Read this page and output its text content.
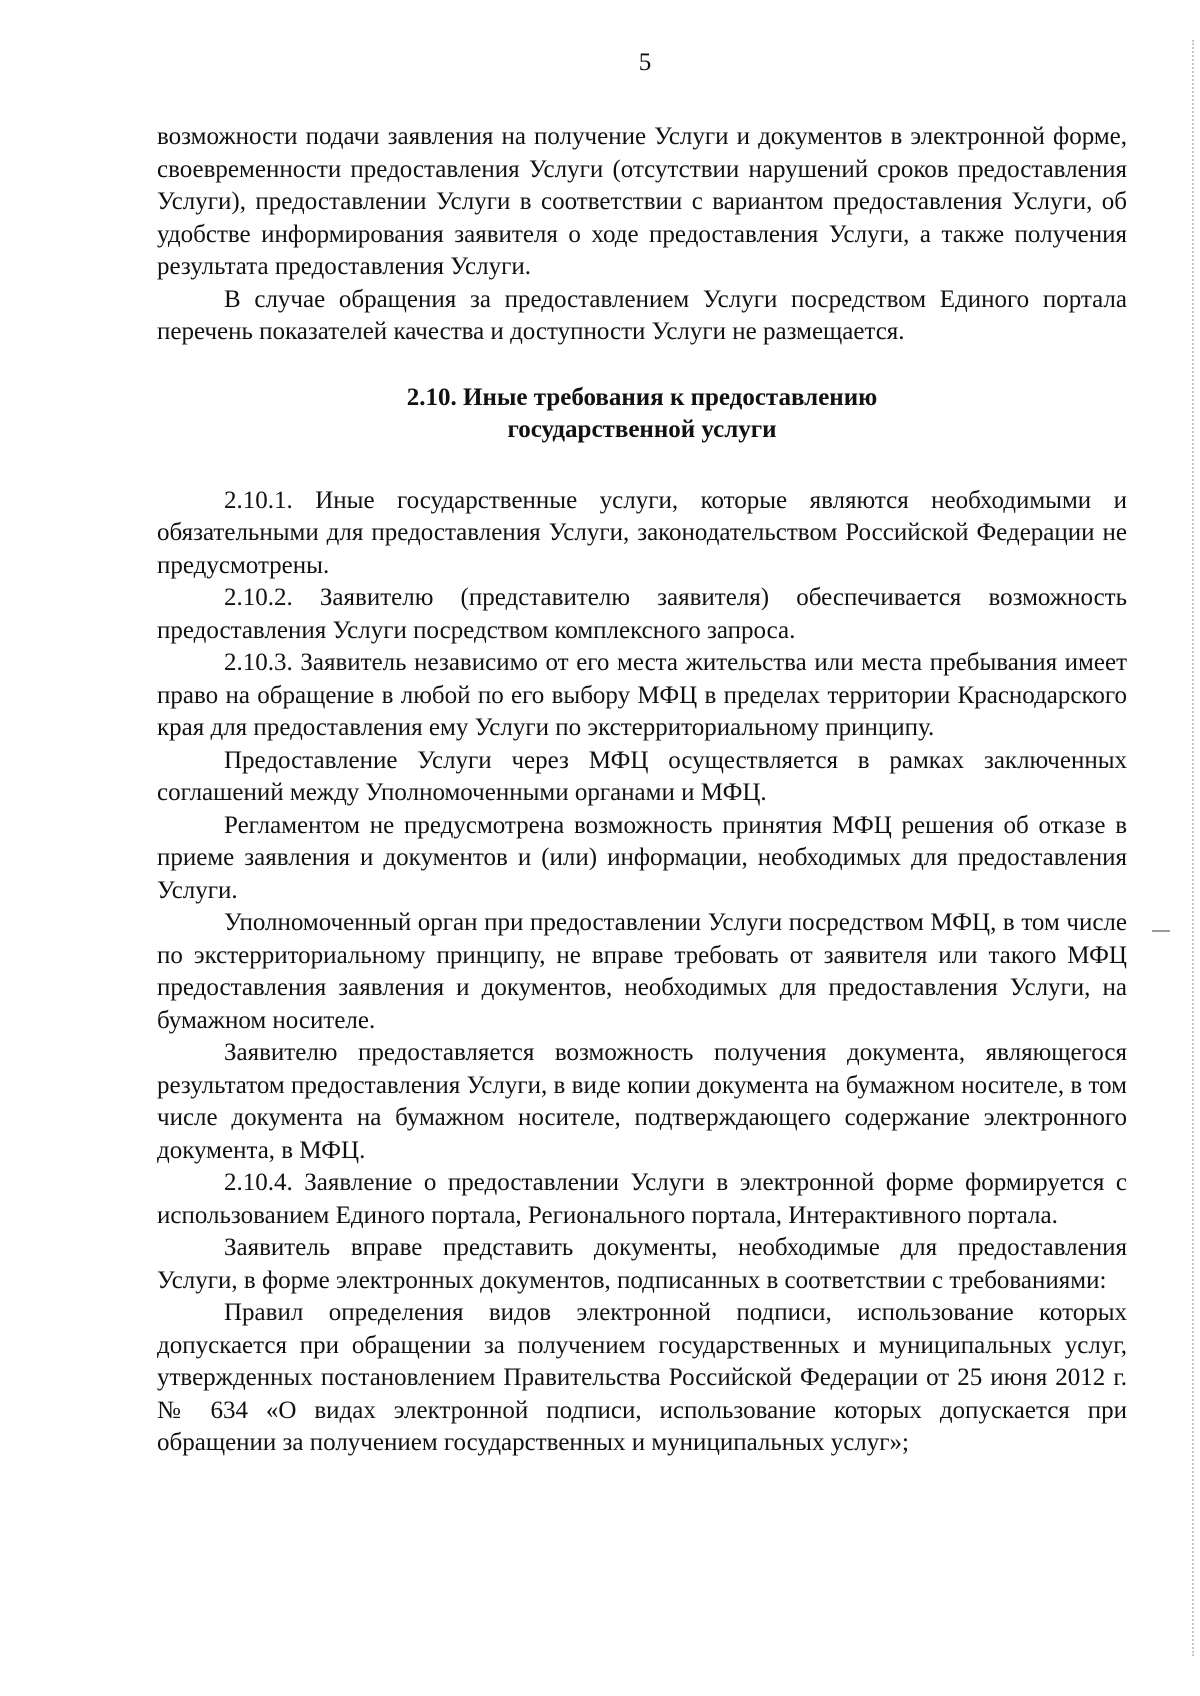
5

возможности подачи заявления на получение Услуги и документов в электронной форме, своевременности предоставления Услуги (отсутствии нарушений сроков предоставления Услуги), предоставлении Услуги в соответствии с вариантом предоставления Услуги, об удобстве информирования заявителя о ходе предоставления Услуги, а также получения результата предоставления Услуги.

В случае обращения за предоставлением Услуги посредством Единого портала перечень показателей качества и доступности Услуги не размещается.

2.10. Иные требования к предоставлению
государственной услуги

2.10.1. Иные государственные услуги, которые являются необходимыми и обязательными для предоставления Услуги, законодательством Российской Федерации не предусмотрены.

2.10.2. Заявителю (представителю заявителя) обеспечивается возможность предоставления Услуги посредством комплексного запроса.

2.10.3. Заявитель независимо от его места жительства или места пребывания имеет право на обращение в любой по его выбору МФЦ в пределах территории Краснодарского края для предоставления ему Услуги по экстерриториальному принципу.

Предоставление Услуги через МФЦ осуществляется в рамках заключенных соглашений между Уполномоченными органами и МФЦ.

Регламентом не предусмотрена возможность принятия МФЦ решения об отказе в приеме заявления и документов и (или) информации, необходимых для предоставления Услуги.

Уполномоченный орган при предоставлении Услуги посредством МФЦ, в том числе по экстерриториальному принципу, не вправе требовать от заявителя или такого МФЦ предоставления заявления и документов, необходимых для предоставления Услуги, на бумажном носителе.

Заявителю предоставляется возможность получения документа, являющегося результатом предоставления Услуги, в виде копии документа на бумажном носителе, в том числе документа на бумажном носителе, подтверждающего содержание электронного документа, в МФЦ.

2.10.4. Заявление о предоставлении Услуги в электронной форме формируется с использованием Единого портала, Регионального портала, Интерактивного портала.

Заявитель вправе представить документы, необходимые для предоставления Услуги, в форме электронных документов, подписанных в соответствии с требованиями:

Правил определения видов электронной подписи, использование которых допускается при обращении за получением государственных и муниципальных услуг, утвержденных постановлением Правительства Российской Федерации от 25 июня 2012 г. № 634 «О видах электронной подписи, использование которых допускается при обращении за получением государственных и муниципальных услуг»;
